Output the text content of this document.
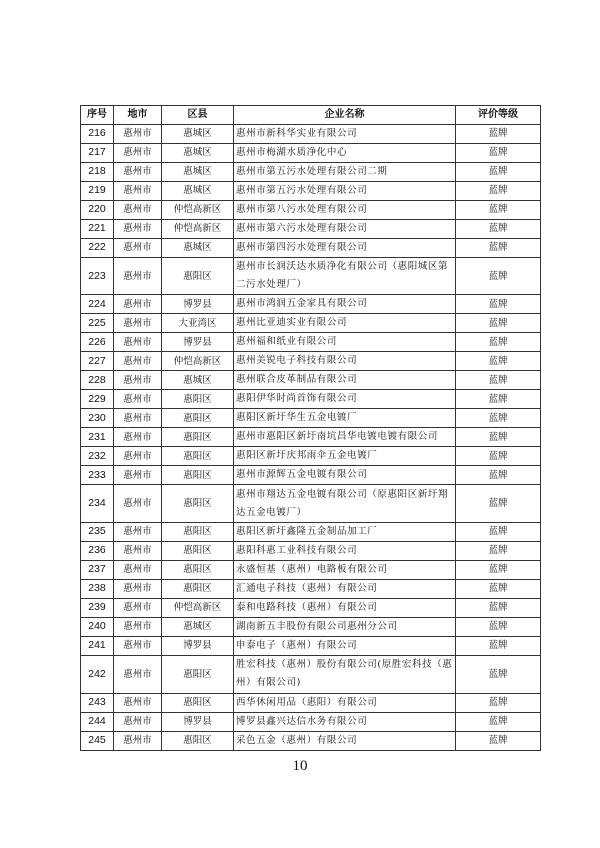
序号	地市	区县	企业名称	评价等级
216	惠州市	惠城区	惠州市新科华实业有限公司	蓝牌
217	惠州市	惠城区	惠州市梅湖水质净化中心	蓝牌
218	惠州市	惠城区	惠州市第五污水处理有限公司二期	蓝牌
219	惠州市	惠城区	惠州市第五污水处理有限公司	蓝牌
220	惠州市	仲恺高新区	惠州市第八污水处理有限公司	蓝牌
221	惠州市	仲恺高新区	惠州市第六污水处理有限公司	蓝牌
222	惠州市	惠城区	惠州市第四污水处理有限公司	蓝牌
223	惠州市	惠阳区	惠州市长润沃达水质净化有限公司（惠阳城区第二污水处理厂）	蓝牌
224	惠州市	博罗县	惠州市鸿润五金家具有限公司	蓝牌
225	惠州市	大亚湾区	惠州比亚迪实业有限公司	蓝牌
226	惠州市	博罗县	惠州福和纸业有限公司	蓝牌
227	惠州市	仲恺高新区	惠州美锐电子科技有限公司	蓝牌
228	惠州市	惠城区	惠州联合皮革制品有限公司	蓝牌
229	惠州市	惠阳区	惠阳伊华时尚首饰有限公司	蓝牌
230	惠州市	惠阳区	惠阳区新圩华生五金电镀厂	蓝牌
231	惠州市	惠阳区	惠州市惠阳区新圩南坑昌华电镀电镀有限公司	蓝牌
232	惠州市	惠阳区	惠阳区新圩庆邦雨伞五金电镀厂	蓝牌
233	惠州市	惠阳区	惠州市源辉五金电镀有限公司	蓝牌
234	惠州市	惠阳区	惠州市翔达五金电镀有限公司（原惠阳区新圩翔达五金电镀厂）	蓝牌
235	惠州市	惠阳区	惠阳区新圩鑫隆五金制品加工厂	蓝牌
236	惠州市	惠阳区	惠阳科惠工业科技有限公司	蓝牌
237	惠州市	惠阳区	永盛恒基（惠州）电路板有限公司	蓝牌
238	惠州市	惠阳区	汇通电子科技（惠州）有限公司	蓝牌
239	惠州市	仲恺高新区	泰和电路科技（惠州）有限公司	蓝牌
240	惠州市	惠城区	湖南新五丰股份有限公司惠州分公司	蓝牌
241	惠州市	博罗县	申泰电子（惠州）有限公司	蓝牌
242	惠州市	惠阳区	胜宏科技（惠州）股份有限公司(原胜宏科技（惠州）有限公司)	蓝牌
243	惠州市	惠阳区	西华休闲用品（惠阳）有限公司	蓝牌
244	惠州市	博罗县	博罗县鑫兴达信水务有限公司	蓝牌
245	惠州市	惠阳区	采色五金（惠州）有限公司	蓝牌
10
